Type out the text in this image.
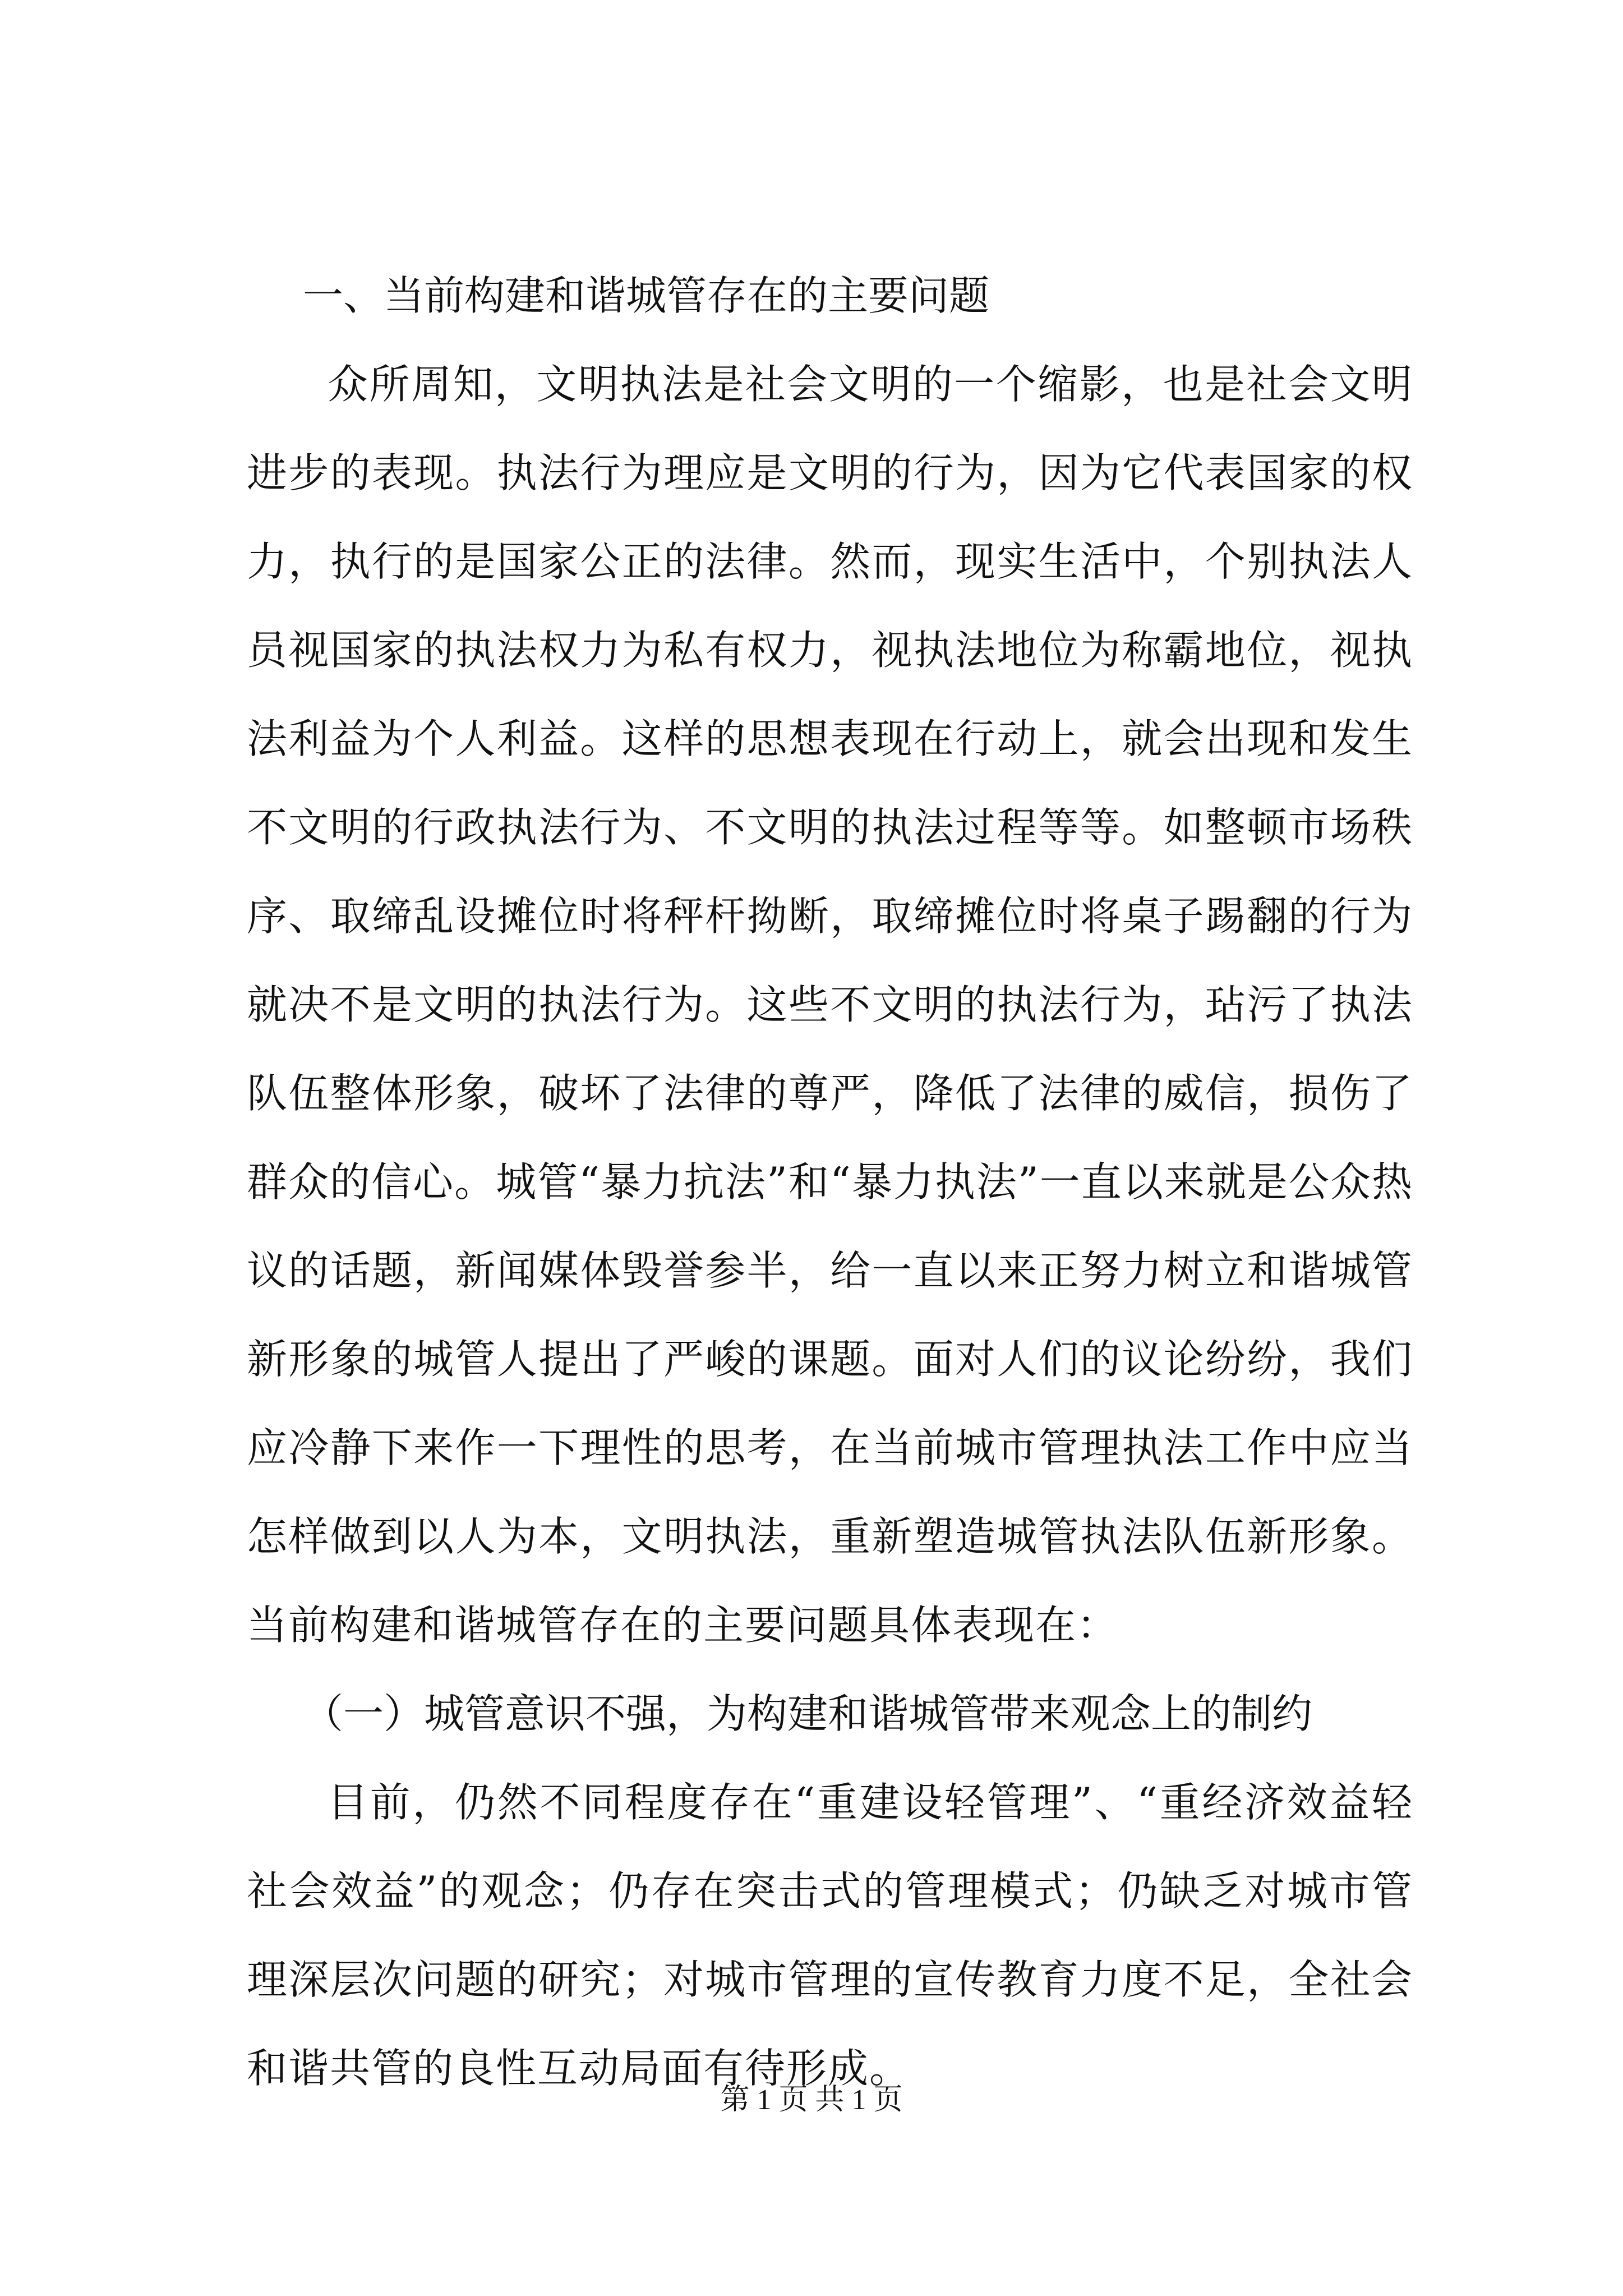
一、当前构建和谐城管存在的主要问题

众所周知，文明执法是社会文明的一个缩影，也是社会文明进步的表现。执法行为理应是文明的行为，因为它代表国家的权力，执行的是国家公正的法律。然而，现实生活中，个别执法人员视国家的执法权力为私有权力，视执法地位为称霸地位，视执法利益为个人利益。这样的思想表现在行动上，就会出现和发生不文明的行政执法行为、不文明的执法过程等等。如整顿市场秩序、取缔乱设摊位时将秤杆拗断，取缔摊位时将桌子踢翻的行为就决不是文明的执法行为。这些不文明的执法行为，玷污了执法队伍整体形象，破坏了法律的尊严，降低了法律的威信，损伤了群众的信心。城管“暴力抗法”和“暴力执法”一直以来就是公众热议的话题，新闻媒体毁誉参半，给一直以来正努力树立和谐城管新形象的城管人提出了严峻的课题。面对人们的议论纷纷，我们应冷静下来作一下理性的思考，在当前城市管理执法工作中应当怎样做到以人为本，文明执法，重新塑造城管执法队伍新形象。当前构建和谐城管存在的主要问题具体表现在：

（一）城管意识不强，为构建和谐城管带来观念上的制约

目前，仍然不同程度存在“重建设轻管理”、“重经济效益轻社会效益”的观念；仍存在突击式的管理模式；仍缺乏对城市管理深层次问题的研究；对城市管理的宣传教育力度不足，全社会和谐共管的良性互动局面有待形成。

第 1 页 共 1 页
